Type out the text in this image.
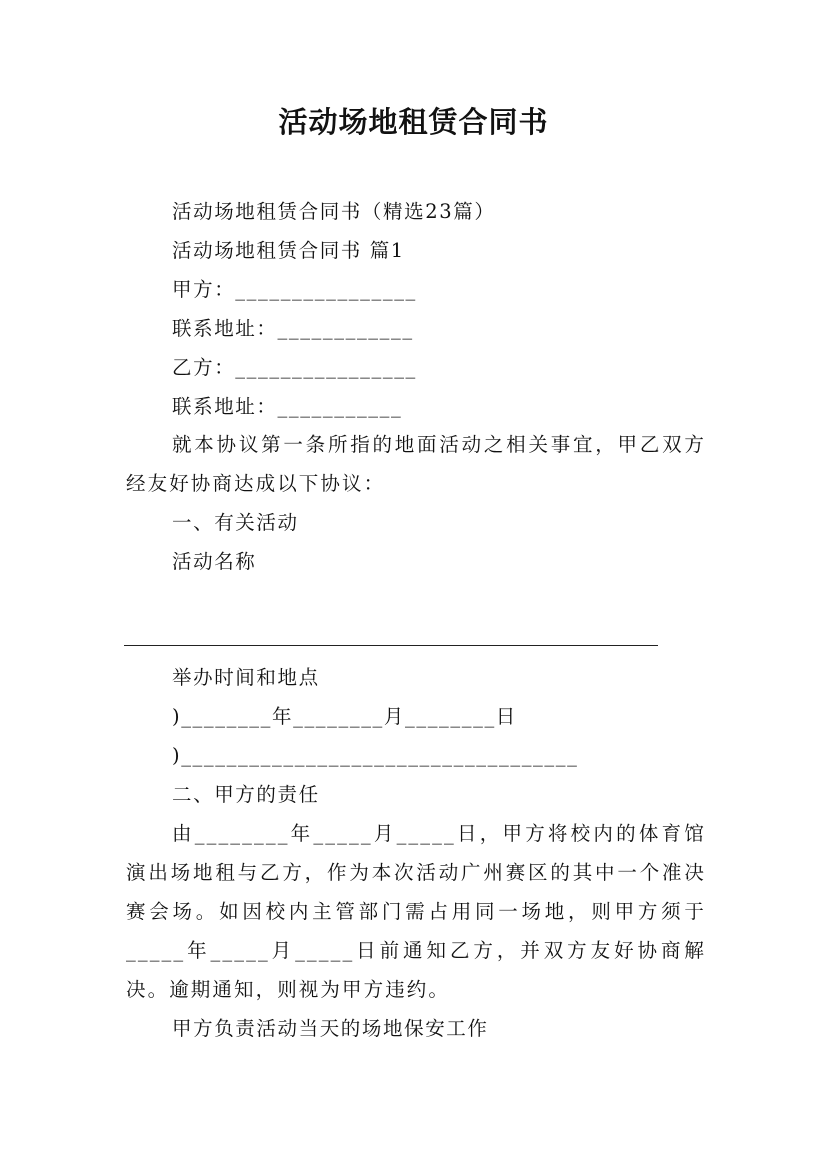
活动场地租赁合同书
活动场地租赁合同书（精选23篇）
活动场地租赁合同书 篇1
甲方：________________
联系地址：____________
乙方：________________
联系地址：___________
就本协议第一条所指的地面活动之相关事宜，甲乙双方经友好协商达成以下协议：
一、有关活动
活动名称
举办时间和地点
)________年________月________日
)___________________________________
二、甲方的责任
由________年_____月_____日，甲方将校内的体育馆演出场地租与乙方，作为本次活动广州赛区的其中一个准决赛会场。如因校内主管部门需占用同一场地，则甲方须于_____年_____月_____日前通知乙方，并双方友好协商解决。逾期通知，则视为甲方违约。
甲方负责活动当天的场地保安工作
